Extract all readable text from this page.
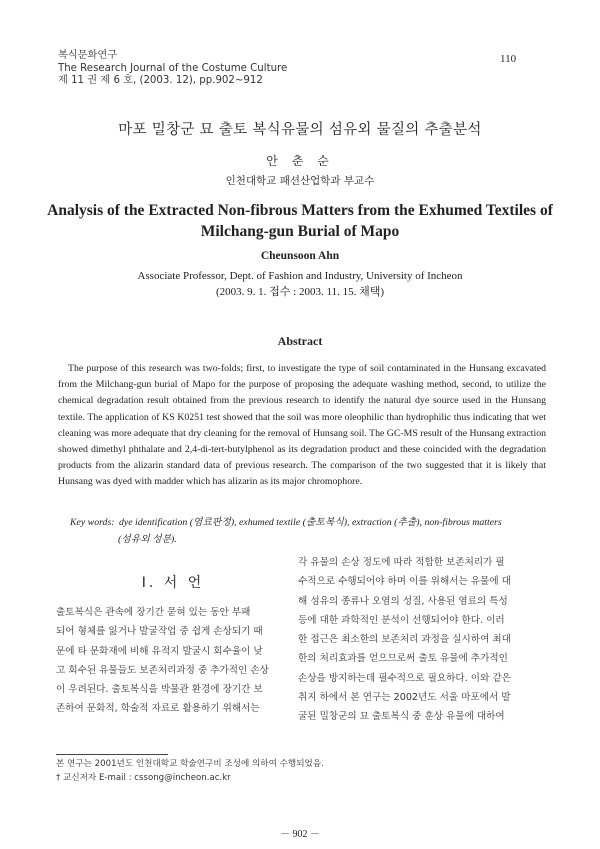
복식문화연구
The Research Journal of the Costume Culture
제 11 권 제 6 호, (2003. 12), pp.902∼912
110
마포 밀창군 묘 출토 복식유물의 섬유외 물질의 추출분석
안 춘 순
인천대학교 패션산업학과 부교수
Analysis of the Extracted Non-fibrous Matters from the Exhumed Textiles of Milchang-gun Burial of Mapo
Cheunsoon Ahn
Associate Professor, Dept. of Fashion and Industry, University of Incheon
(2003. 9. 1. 접수 : 2003. 11. 15. 채택)
Abstract
The purpose of this research was two-folds; first, to investigate the type of soil contaminated in the Hunsang excavated from the Milchang-gun burial of Mapo for the purpose of proposing the adequate washing method, second, to utilize the chemical degradation result obtained from the previous research to identify the natural dye source used in the Hunsang textile. The application of KS K0251 test showed that the soil was more oleophilic than hydrophilic thus indicating that wet cleaning was more adequate that dry cleaning for the removal of Hunsang soil. The GC-MS result of the Hunsang extraction showed dimethyl phthalate and 2,4-di-tert-butylphenol as its degradation product and these coincided with the degradation products from the alizarin standard data of previous research. The comparison of the two suggested that it is likely that Hunsang was dyed with madder which has alizarin as its major chromophore.
Key words: dye identification (염료판정), exhumed textile (출토복식), extraction (추출), non-fibrous matters
(섬유외 성분).
Ⅰ. 서 언
출토복식은 관속에 장기간 묻혀 있는 동안 부패
되어 형체를 잃거나 발굴작업 중 쉽게 손상되기 때
문에 타 문화재에 비해 유적지 발굴시 회수율이 낮
고 회수된 유물들도 보존처리과정 중 추가적인 손상
이 우려된다. 출토복식을 박물관 환경에 장기간 보
존하여 문화적, 학술적 자료로 활용하기 위해서는
각 유물의 손상 정도에 따라 적합한 보존처리가 필
수적으로 수행되어야 하며 이를 위해서는 유물에 대
해 섬유의 종류나 오염의 성질, 사용된 염료의 특성
등에 대한 과학적인 분석이 선행되어야 한다. 이러
한 접근은 최소한의 보존처리 과정을 실시하여 최대
한의 처리효과를 얻으므로써 출토 유물에 추가적인
손상을 방지하는데 필수적으로 필요하다. 이와 같은
취지 하에서 본 연구는 2002년도 서울 마포에서 발
굴된 밀창군의 묘 출토복식 중 훈상 유물에 대하여
본 연구는 2001년도 인천대학교 학술연구비 조성에 의하여 수행되었음.
† 교신저자 E-mail : cssong@incheon.ac.kr
－ 902 －
